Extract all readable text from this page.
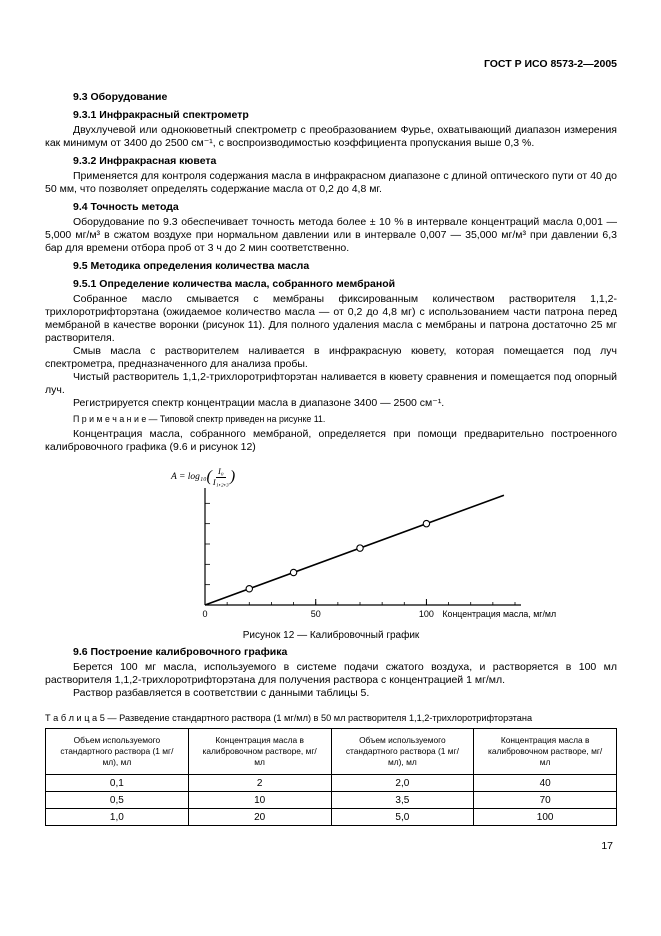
ГОСТ Р ИСО 8573-2—2005

9.3 Оборудование

9.3.1 Инфракрасный спектрометр

Двухлучевой или однокюветный спектрометр с преобразованием Фурье, охватывающий диапазон измерения как минимум от 3400 до 2500 см⁻¹, с воспроизводимостью коэффициента пропускания выше 0,3 %.

9.3.2 Инфракрасная кювета

Применяется для контроля содержания масла в инфракрасном диапазоне с длиной оптического пути от 40 до 50 мм, что позволяет определять содержание масла от 0,2 до 4,8 мг.

9.4 Точность метода

Оборудование по 9.3 обеспечивает точность метода более ± 10 % в интервале концентраций масла 0,001 — 5,000 мг/м³ в сжатом воздухе при нормальном давлении или в интервале 0,007 — 35,000 мг/м³ при давлении 6,3 бар для времени отбора проб от 3 ч до 2 мин соответственно.

9.5 Методика определения количества масла

9.5.1 Определение количества масла, собранного мембраной

Собранное масло смывается с мембраны фиксированным количеством растворителя 1,1,2-трихлоротрифторэтана (ожидаемое количество масла — от 0,2 до 4,8 мг) с использованием части патрона перед мембраной в качестве воронки (рисунок 11). Для полного удаления масла с мембраны и патрона достаточно 25 мг растворителя.

Смыв масла с растворителем наливается в инфракрасную кювету, которая помещается под луч спектрометра, предназначенного для анализа пробы.

Чистый растворитель 1,1,2-трихлоротрифторэтан наливается в кювету сравнения и помещается под опорный луч.

Регистрируется спектр концентрации масла в диапазоне 3400 — 2500 см⁻¹.

П р и м е ч а н и е — Типовой спектр приведен на рисунке 11.

Концентрация масла, собранного мембраной, определяется при помощи предварительно построенного калибровочного графика (9.6 и рисунок 12)

A = log₁₀ ( $\frac{\text{I₀}}{\text{I₁,₂,₃}}$ )
0	50	100 Концентрация масла, мг/мл
Рисунок 12 — Калибровочный график

9.6 Построение калибровочного графика

Берется 100 мг масла, используемого в системе подачи сжатого воздуха, и растворяется в 100 мл растворителя 1,1,2-трихлоротрифторэтана для получения раствора с концентрацией 1 мг/мл.

Раствор разбавляется в соответствии с данными таблицы 5.

Т а б л и ц а 5 — Разведение стандартного раствора (1 мг/мл) в 50 мл растворителя 1,1,2-трихлоротрифторэтана

Объем используемого стандартного раствора (1 мг/мл), мл	Концентрация масла в калибровочном растворе, мг/мл	Объем используемого стандартного раствора (1 мг/мл), мл	Концентрация масла в калибровочном растворе, мг/мл
0,1	2	2,0	40
0,5	10	3,5	70
1,0	20	5,0	100
17
